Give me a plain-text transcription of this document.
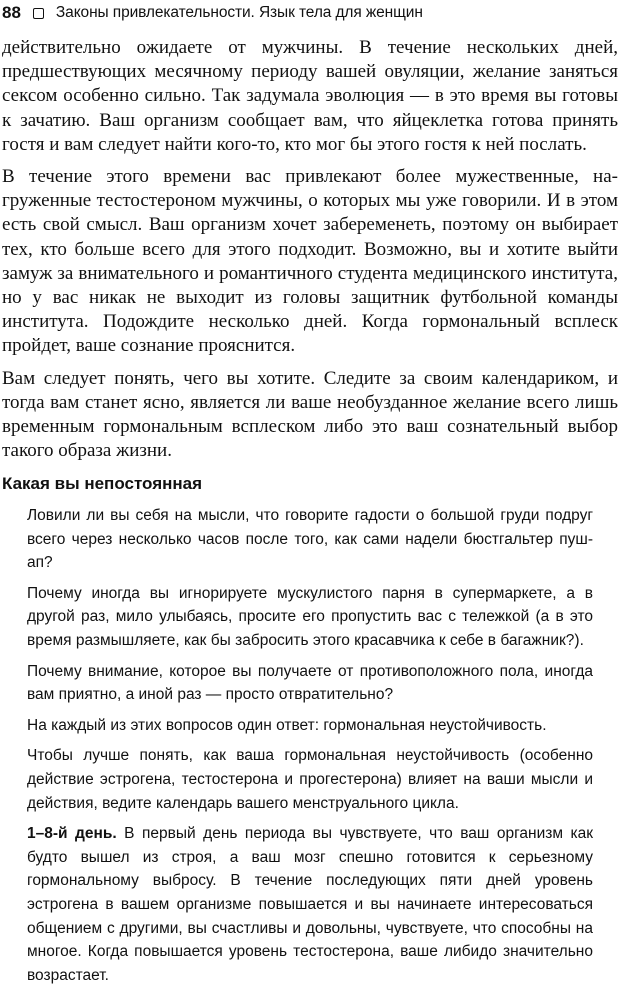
88 Законы привлекательности. Язык тела для женщин

действительно ожидаете от мужчины. В течение нескольких дней, предшествующих месячному периоду вашей овуляции, желание заняться сексом особенно сильно. Так задумала эволюция — в это время вы готовы к зачатию. Ваш организм сообщает вам, что яйцеклетка готова принять гостя и вам следует найти кого-то, кто мог бы этого гостя к ней послать.

В течение этого времени вас привлекают более мужественные, нагруженные тестостероном мужчины, о которых мы уже говорили. И в этом есть свой смысл. Ваш организм хочет забеременеть, поэтому он выбирает тех, кто больше всего для этого подходит. Возможно, вы и хотите выйти замуж за внимательного и романтичного студента медицинского института, но у вас никак не выходит из головы защитник футбольной команды института. Подождите несколько дней. Когда гормональный всплеск пройдет, ваше сознание прояснится.

Вам следует понять, чего вы хотите. Следите за своим календариком, и тогда вам станет ясно, является ли ваше необузданное желание всего лишь временным гормональным всплеском либо это ваш сознательный выбор такого образа жизни.

Какая вы непостоянная

Ловили ли вы себя на мысли, что говорите гадости о большой груди подруг всего через несколько часов после того, как сами надели бюстгальтер пуш-ап?

Почему иногда вы игнорируете мускулистого парня в супермаркете, а в другой раз, мило улыбаясь, просите его пропустить вас с тележкой (а в это время размышляете, как бы забросить этого красавчика к себе в багажник?).

Почему внимание, которое вы получаете от противоположного пола, иногда вам приятно, а иной раз — просто отвратительно?

На каждый из этих вопросов один ответ: гормональная неустойчивость.

Чтобы лучше понять, как ваша гормональная неустойчивость (особенно действие эстрогена, тестостерона и прогестерона) влияет на ваши мысли и действия, ведите календарь вашего менструального цикла.

1–8-й день. В первый день периода вы чувствуете, что ваш организм как будто вышел из строя, а ваш мозг спешно готовится к серьезному гормональному выбросу. В течение последующих пяти дней уровень эстрогена в вашем организме повышается и вы начинаете интересоваться общением с другими, вы счастливы и довольны, чувствуете, что способны на многое. Когда повышается уровень тестостерона, ваше либидо значительно возрастает.
